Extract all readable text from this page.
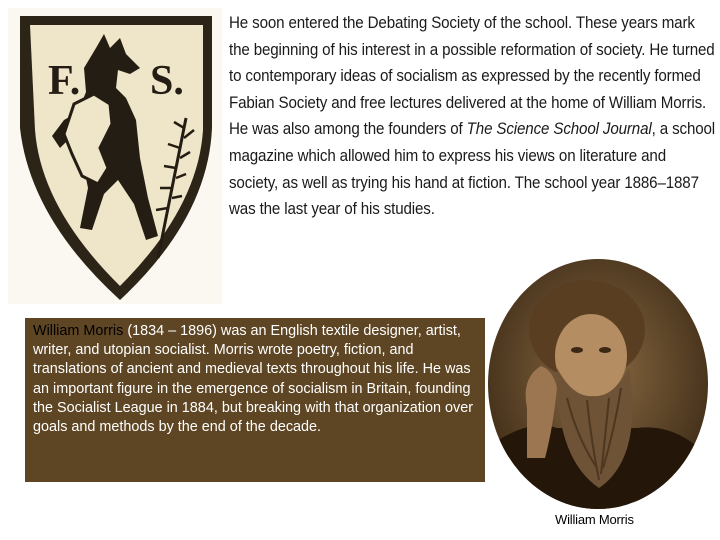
F. S.
He soon entered the Debating Society of the school. These years mark the beginning of his interest in a possible reformation of society. He turned to contemporary ideas of socialism as expressed by the recently formed Fabian Society and free lectures delivered at the home of William Morris. He was also among the founders of The Science School Journal, a school magazine which allowed him to express his views on literature and society, as well as trying his hand at fiction. The school year 1886–1887 was the last year of his studies.
William Morris (1834 – 1896) was an English textile designer, artist, writer, and utopian socialist. Morris wrote poetry, fiction, and translations of ancient and medieval texts throughout his life. He was an important figure in the emergence of socialism in Britain, founding the Socialist League in 1884, but breaking with that organization over goals and methods by the end of the decade.
William Morris
